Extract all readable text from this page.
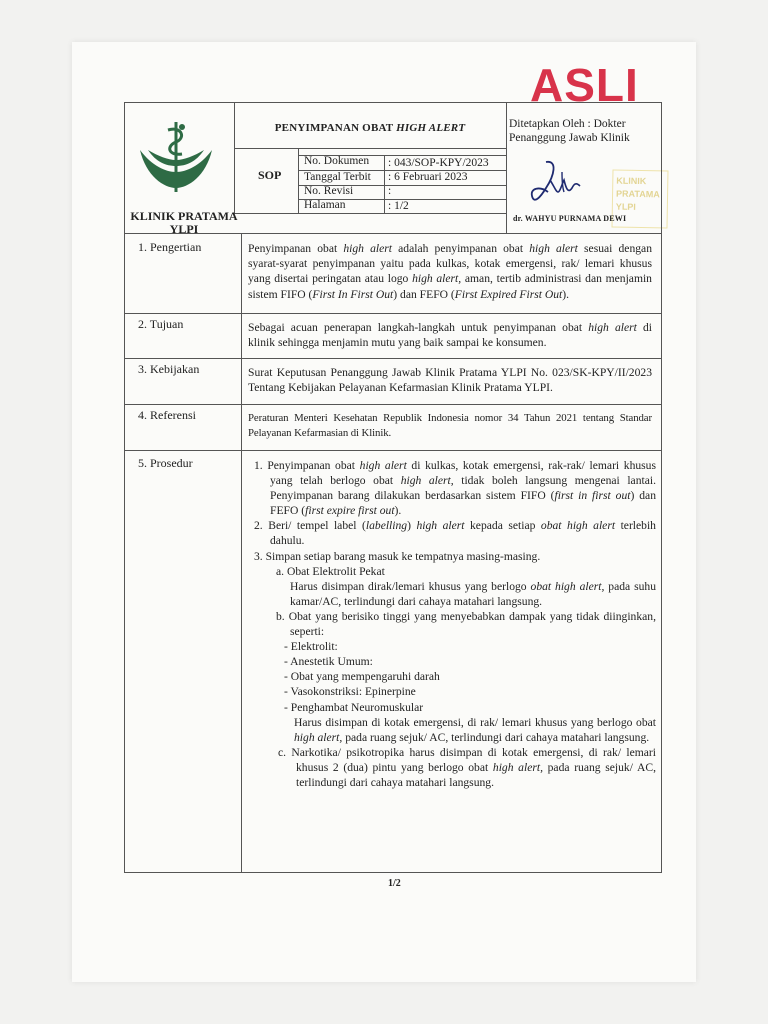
ASLI
KLINIK PRATAMA YLPI
KLINIK PRATAMA YLPI
PENYIMPANAN OBAT HIGH ALERT
SOP
No. Dokumen : 043/SOP-KPY/2023
Tanggal Terbit : 6 Februari 2023
No. Revisi	:
Halaman	: 1/2
Ditetapkan Oleh : Dokter
Penanggung Jawab Klinik
dr. WAHYU PURNAMA DEWI
1. Pengertian	Penyimpanan obat high alert adalah penyimpanan obat high alert sesuai dengan syarat-syarat penyimpanan yaitu pada kulkas, kotak emergensi, rak/ lemari khusus yang disertai peringatan atau logo high alert, aman, tertib administrasi dan menjamin sistem FIFO (First In First Out) dan FEFO (First Expired First Out).
2. Tujuan	Sebagai acuan penerapan langkah-langkah untuk penyimpanan obat high alert di klinik sehingga menjamin mutu yang baik sampai ke konsumen.
3. Kebijakan	Surat Keputusan Penanggung Jawab Klinik Pratama YLPI No. 023/SK-KPY/II/2023 Tentang Kebijakan Pelayanan Kefarmasian Klinik Pratama YLPI.
4. Referensi	Peraturan Menteri Kesehatan Republik Indonesia nomor 34 Tahun 2021 tentang Standar Pelayanan Kefarmasian di Klinik.
5. Prosedur	1. Penyimpanan obat high alert di kulkas, kotak emergensi, rak-rak/ lemari khusus yang telah berlogo obat high alert, tidak boleh langsung mengenai lantai. Penyimpanan barang dilakukan berdasarkan sistem FIFO (first in first out) dan FEFO (first expire first out).
2. Beri/ tempel label (labelling) high alert kepada setiap obat high alert terlebih dahulu.
3. Simpan setiap barang masuk ke tempatnya masing-masing.
a. Obat Elektrolit Pekat
Harus disimpan dirak/lemari khusus yang berlogo obat high alert, pada suhu kamar/AC, terlindungi dari cahaya matahari langsung.
b. Obat yang berisiko tinggi yang menyebabkan dampak yang tidak diinginkan, seperti:
- Elektrolit:
- Anestetik Umum:
- Obat yang mempengaruhi darah
- Vasokonstriksi: Epinerpine
- Penghambat Neuromuskular
Harus disimpan di kotak emergensi, di rak/ lemari khusus yang berlogo obat high alert, pada ruang sejuk/ AC, terlindungi dari cahaya matahari langsung.
c. Narkotika/ psikotropika harus disimpan di kotak emergensi, di rak/ lemari khusus 2 (dua) pintu yang berlogo obat high alert, pada ruang sejuk/ AC, terlindungi dari cahaya matahari langsung.
1/2
